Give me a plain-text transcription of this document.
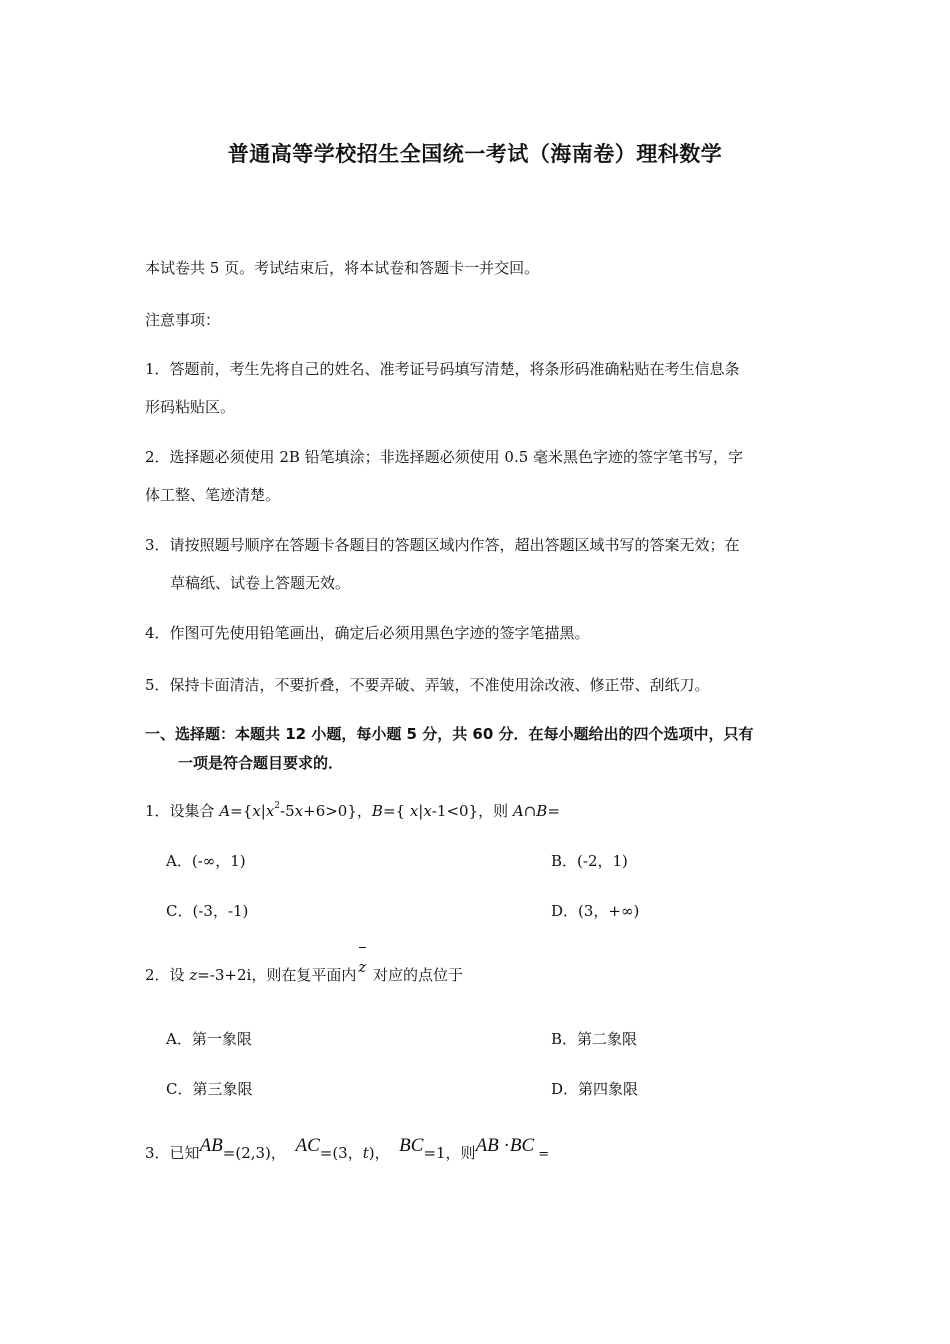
普通高等学校招生全国统一考试（海南卷）理科数学
本试卷共 5 页。考试结束后，将本试卷和答题卡一并交回。
注意事项：
1．答题前，考生先将自己的姓名、准考证号码填写清楚，将条形码准确粘贴在考生信息条
形码粘贴区。
2．选择题必须使用 2B 铅笔填涂；非选择题必须使用 0.5 毫米黑色字迹的签字笔书写，字
体工整、笔迹清楚。
3．请按照题号顺序在答题卡各题目的答题区域内作答，超出答题区域书写的答案无效；在
草稿纸、试卷上答题无效。
4．作图可先使用铅笔画出，确定后必须用黑色字迹的签字笔描黑。
5．保持卡面清洁，不要折叠，不要弄破、弄皱，不准使用涂改液、修正带、刮纸刀。
一、选择题：本题共 12 小题，每小题 5 分，共 60 分．在每小题给出的四个选项中，只有
一项是符合题目要求的．
1．设集合 $A=\{x|x^2-5x+6>0\}$，B={ x|x-1<0}，则 A∩B=
A．(-∞，1)	B．(-2，1)
C．(-3，-1)	D．(3，+∞)
2．设 z=-3+2i，则在复平面内 z 对应的点位于
A．第一象限	B．第二象限
C．第三象限	D．第四象限
3．已知AB=(2,3)， AC=(3，t)， BC=1，则AB ·BC =
